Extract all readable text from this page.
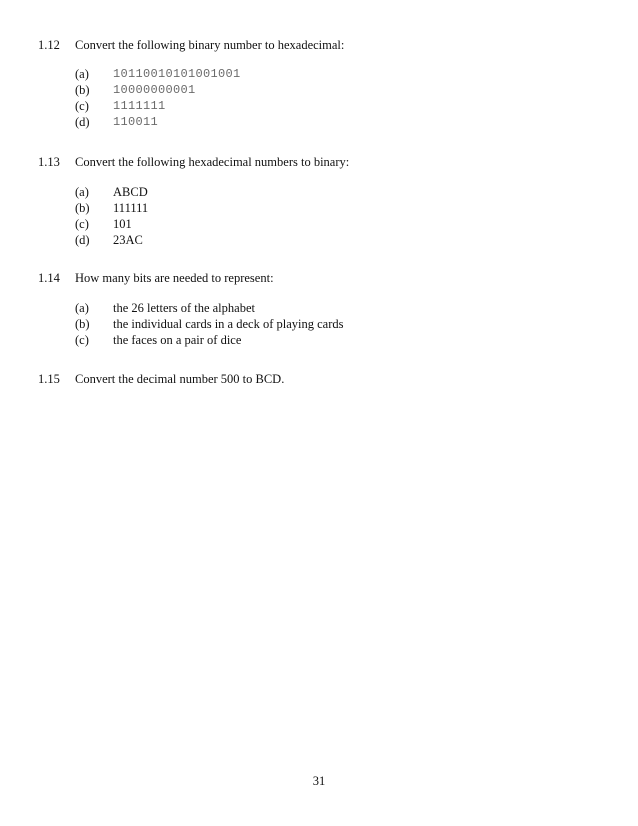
1.12 Convert the following binary number to hexadecimal:
(a) 10110010101001001
(b) 10000000001
(c) 1111111
(d) 110011
1.13 Convert the following hexadecimal numbers to binary:
(a) ABCD
(b) 111111
(c) 101
(d) 23AC
1.14 How many bits are needed to represent:
(a) the 26 letters of the alphabet
(b) the individual cards in a deck of playing cards
(c) the faces on a pair of dice
1.15 Convert the decimal number 500 to BCD.
31
